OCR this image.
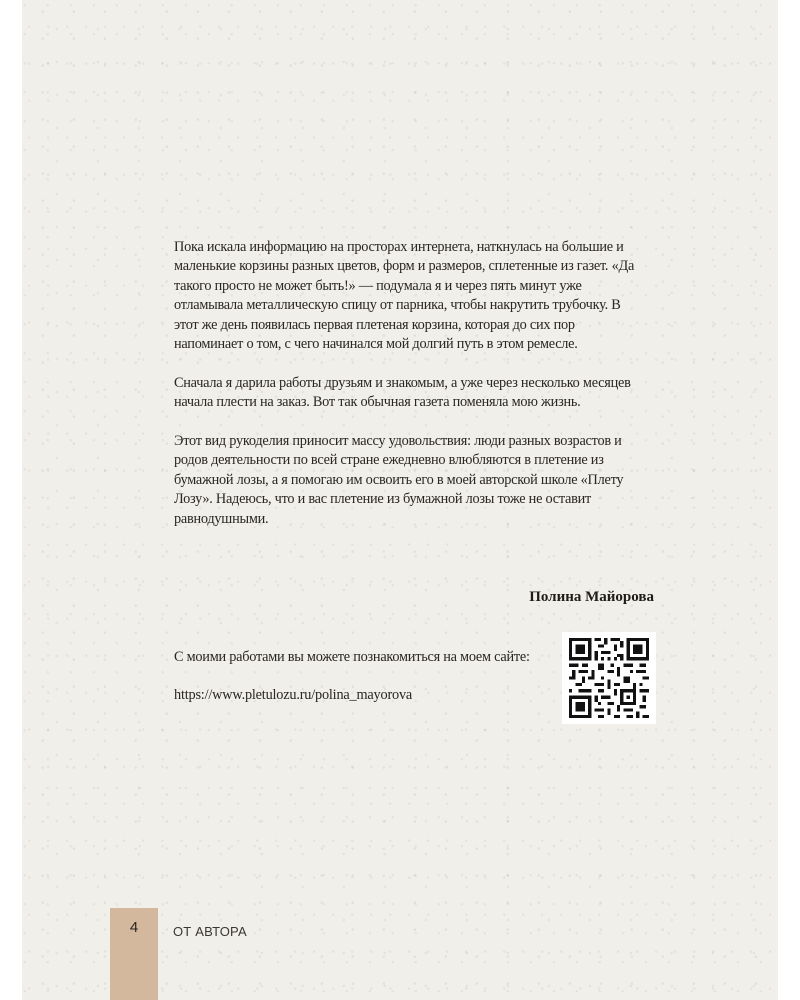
Пока искала информацию на просторах интернета, наткнулась на большие и маленькие корзины разных цветов, форм и размеров, сплетенные из газет. «Да такого просто не может быть!» — подумала я и через пять минут уже отламывала металлическую спицу от парника, чтобы накрутить трубочку. В этот же день появилась первая плетеная корзина, которая до сих пор напоминает о том, с чего начинался мой долгий путь в этом ремесле.

Сначала я дарила работы друзьям и знакомым, а уже через несколько месяцев начала плести на заказ. Вот так обычная газета поменяла мою жизнь.

Этот вид рукоделия приносит массу удовольствия: люди разных возрастов и родов деятельности по всей стране ежедневно влюбляются в плетение из бумажной лозы, а я помогаю им освоить его в моей авторской школе «Плету Лозу». Надеюсь, что и вас плетение из бумажной лозы тоже не оставит равнодушными.

Полина Майорова
С моими работами вы можете познакомиться на моем сайте:
https://www.pletulozu.ru/polina_mayorova
4	ОТ АВТОРА
